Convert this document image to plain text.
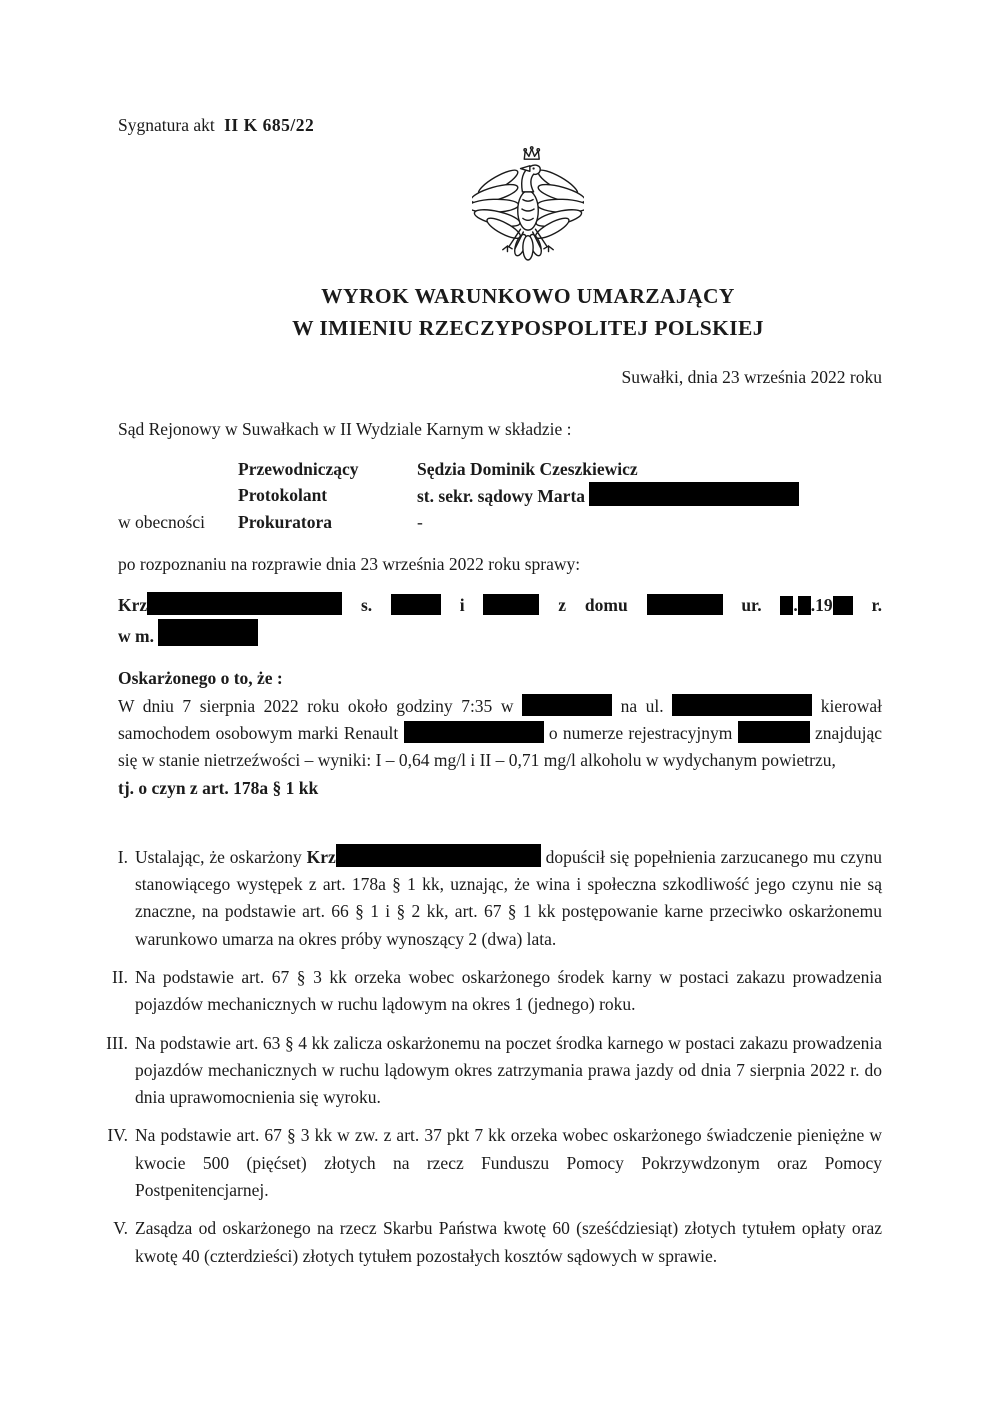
Sygnatura akt II K 685/22

WYROK WARUNKOWO UMARZAJĄCY
W IMIENIU RZECZYPOSPOLITEJ POLSKIEJ

Suwałki, dnia 23 września 2022 roku

Sąd Rejonowy w Suwałkach w II Wydziale Karnym w składzie :

Przewodniczący	Sędzia Dominik Czeszkiewicz
Protokolant	st. sekr. sądowy Marta
w obecności	Prokuratora	-

po rozpoznaniu na rozprawie dnia 23 września 2022 roku sprawy:

Krz	s.	i	z domu	ur. . .19 r.

w m.

Oskarżonego o to, że :

W dniu 7 sierpnia 2022 roku około godziny 7:35 w	na ul.	kierował samochodem osobowym marki Renault	o numerze rejestracyjnym	znajdując się w stanie nietrzeźwości – wyniki: I – 0,64 mg/l i II – 0,71 mg/l alkoholu w wydychanym powietrzu,

tj. o czyn z art. 178a § 1 kk

I. Ustalając, że oskarżony Krz	dopuścił się popełnienia zarzucanego mu czynu stanowiącego występek z art. 178a § 1 kk, uznając, że wina i społeczna szkodliwość jego czynu nie są znaczne, na podstawie art. 66 § 1 i § 2 kk, art. 67 § 1 kk postępowanie karne przeciwko oskarżonemu warunkowo umarza na okres próby wynoszący 2 (dwa) lata.
II. Na podstawie art. 67 § 3 kk orzeka wobec oskarżonego środek karny w postaci zakazu prowadzenia pojazdów mechanicznych w ruchu lądowym na okres 1 (jednego) roku.
III. Na podstawie art. 63 § 4 kk zalicza oskarżonemu na poczet środka karnego w postaci zakazu prowadzenia pojazdów mechanicznych w ruchu lądowym okres zatrzymania prawa jazdy od dnia 7 sierpnia 2022 r. do dnia uprawomocnienia się wyroku.
IV. Na podstawie art. 67 § 3 kk w zw. z art. 37 pkt 7 kk orzeka wobec oskarżonego świadczenie pieniężne w kwocie 500 (pięćset) złotych na rzecz Funduszu Pomocy Pokrzywdzonym oraz Pomocy Postpenitencjarnej.
V. Zasądza od oskarżonego na rzecz Skarbu Państwa kwotę 60 (sześćdziesiąt) złotych tytułem opłaty oraz kwotę 40 (czterdzieści) złotych tytułem pozostałych kosztów sądowych w sprawie.
